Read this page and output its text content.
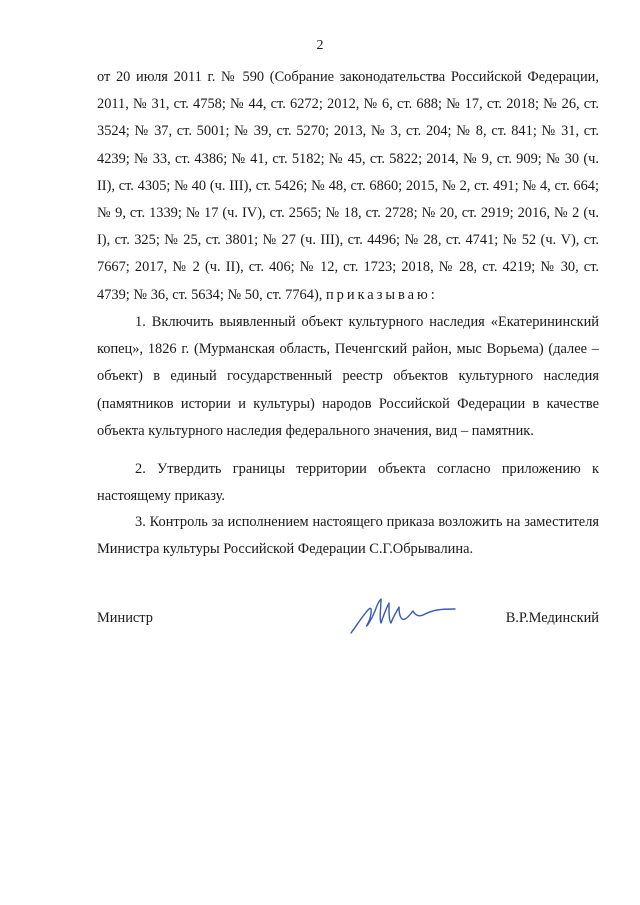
2

от 20 июля 2011 г. № 590 (Собрание законодательства Российской Федерации, 2011, № 31, ст. 4758; № 44, ст. 6272; 2012, № 6, ст. 688; № 17, ст. 2018; № 26, ст. 3524; № 37, ст. 5001; № 39, ст. 5270; 2013, № 3, ст. 204; № 8, ст. 841; № 31, ст. 4239; № 33, ст. 4386; № 41, ст. 5182; № 45, ст. 5822; 2014, № 9, ст. 909; № 30 (ч. II), ст. 4305; № 40 (ч. III), ст. 5426; № 48, ст. 6860; 2015, № 2, ст. 491; № 4, ст. 664; № 9, ст. 1339; № 17 (ч. IV), ст. 2565; № 18, ст. 2728; № 20, ст. 2919; 2016, № 2 (ч. I), ст. 325; № 25, ст. 3801; № 27 (ч. III), ст. 4496; № 28, ст. 4741; № 52 (ч. V), ст. 7667; 2017, № 2 (ч. II), ст. 406; № 12, ст. 1723; 2018, № 28, ст. 4219; № 30, ст. 4739; № 36, ст. 5634; № 50, ст. 7764), приказываю:

1. Включить выявленный объект культурного наследия «Екатерининский копец», 1826 г. (Мурманская область, Печенгский район, мыс Ворьема) (далее – объект) в единый государственный реестр объектов культурного наследия (памятников истории и культуры) народов Российской Федерации в качестве объекта культурного наследия федерального значения, вид – памятник.

2. Утвердить границы территории объекта согласно приложению к настоящему приказу.

3. Контроль за исполнением настоящего приказа возложить на заместителя Министра культуры Российской Федерации С.Г.Обрывалина.

Министр	В.Р.Мединский
